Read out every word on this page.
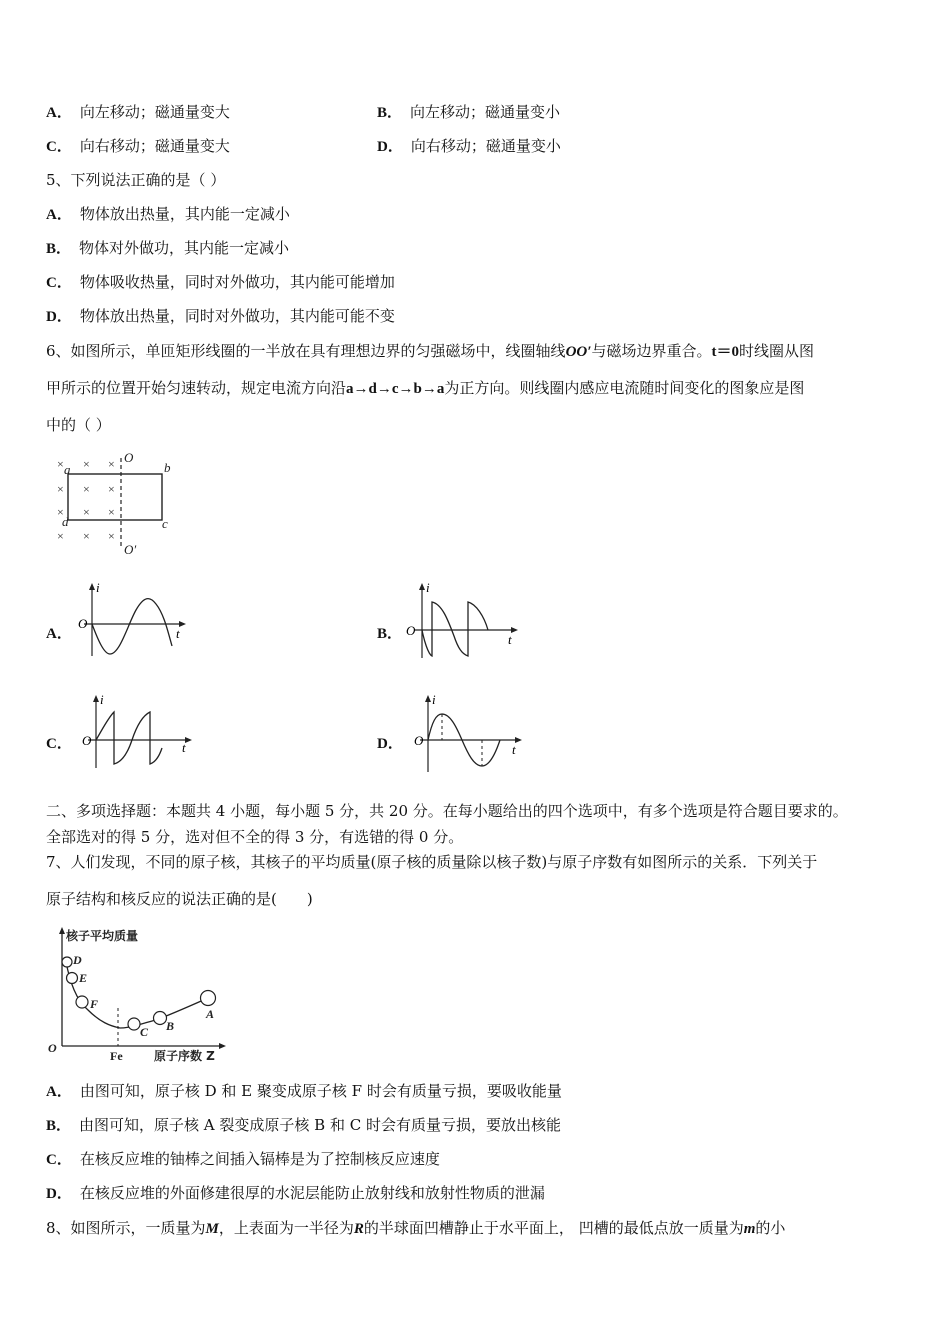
A． 向左移动；磁通量变大	B． 向左移动；磁通量变小
C． 向右移动；磁通量变大	D． 向右移动；磁通量变小
5、下列说法正确的是（ ）
A． 物体放出热量，其内能一定减小
B． 物体对外做功，其内能一定减小
C． 物体吸收热量，同时对外做功，其内能可能增加
D． 物体放出热量，同时对外做功，其内能可能不变
6、如图所示，单匝矩形线圈的一半放在具有理想边界的匀强磁场中，线圈轴线OO′与磁场边界重合。t＝0时线圈从图
甲所示的位置开始匀速转动，规定电流方向沿a→d→c→b→a为正方向。则线圈内感应电流随时间变化的图象应是图
中的（ ）
× × ×
× × ×
× × ×
× × ×
O
O′
a	b
c
d
A．
i
t
O
B．
i
t
O
C．
i
t
O	D．
i
t
O
二、多项选择题：本题共 4 小题，每小题 5 分，共 20 分。在每小题给出的四个选项中，有多个选项是符合题目要求的。
全部选对的得 5 分，选对但不全的得 3 分，有选错的得 0 分。
7、人们发现，不同的原子核，其核子的平均质量(原子核的质量除以核子数)与原子序数有如图所示的关系．下列关于
原子结构和核反应的说法正确的是(　　)
D
E
F
C B
A
核子平均质量
原子序数 Z
O
Fe
A． 由图可知，原子核 D 和 E 聚变成原子核 F 时会有质量亏损，要吸收能量
B． 由图可知，原子核 A 裂变成原子核 B 和 C 时会有质量亏损，要放出核能
C． 在核反应堆的铀棒之间插入镉棒是为了控制核反应速度
D． 在核反应堆的外面修建很厚的水泥层能防止放射线和放射性物质的泄漏
8、如图所示，一质量为M，上表面为一半径为R的半球面凹槽静止于水平面上， 凹槽的最低点放一质量为m的小
